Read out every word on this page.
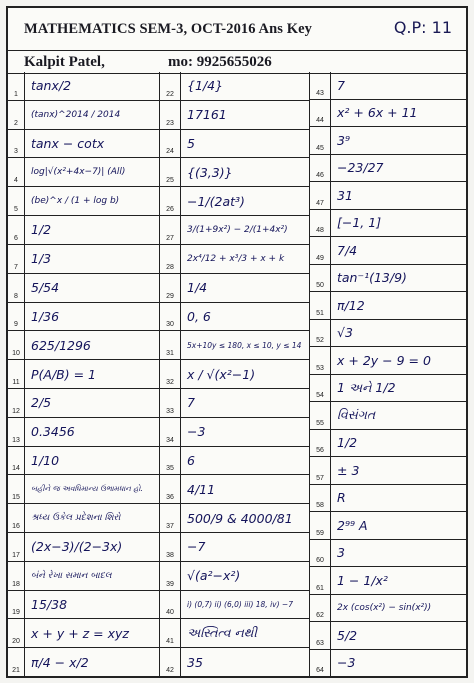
MATHEMATICS SEM-3, OCT-2016 Ans Key	Q.P: 11
Kalpit Patel,	mo: 9925655026
1
tanx/2
2
(tanx)^2014 / 2014
3
tanx − cotx
4
log|√(x²+4x−7)| (All)
5
(be)^x / (1 + log b)
6
1/2
7
1/3
8
5/54
9
1/36
10
625/1296
11
P(A/B) = 1
12
2/5
13
0.3456
14
1/10
15
બહીને જ અવધિમાન્ય ઉભામધાન હો.
16
શ્રધ્ય ઉકેલ પ્રદેશના શિરો
17
(2x−3)/(2−3x)
18
બંને રેખા સમાન બાદલ
19
15/38
20
x + y + z = xyz
21
π/4 − x/2
22
{1/4}
23
17161
24
5
25
{(3,3)}
26
−1/(2at³)
27
3/(1+9x²) − 2/(1+4x²)
28
2x⁴/12 + x³/3 + x + k
29
1/4
30
0, 6
31
5x+10y ≤ 180, x ≤ 10, y ≤ 14
32
x / √(x²−1)
33
7
34
−3
35
6
36
4/11
37
500/9 & 4000/81
38
−7
39
√(a²−x²)
40
i) (0,7) ii) (6,0) iii) 18, iv) −7
41
અસ્તિત્વ નથી
42
35
43
7
44
x² + 6x + 11
45
3⁹
46
−23/27
47
31
48
[−1, 1]
49
7/4
50
tan⁻¹(13/9)
51
π/12
52
√3
53
x + 2y − 9 = 0
54
1 અને 1/2
55
વિસંગત
56
1/2
57
± 3
58
R
59
2⁹⁹ A
60
3
61
1 − 1/x²
62
2x (cos(x²) − sin(x²))
63
5/2
64
−3
